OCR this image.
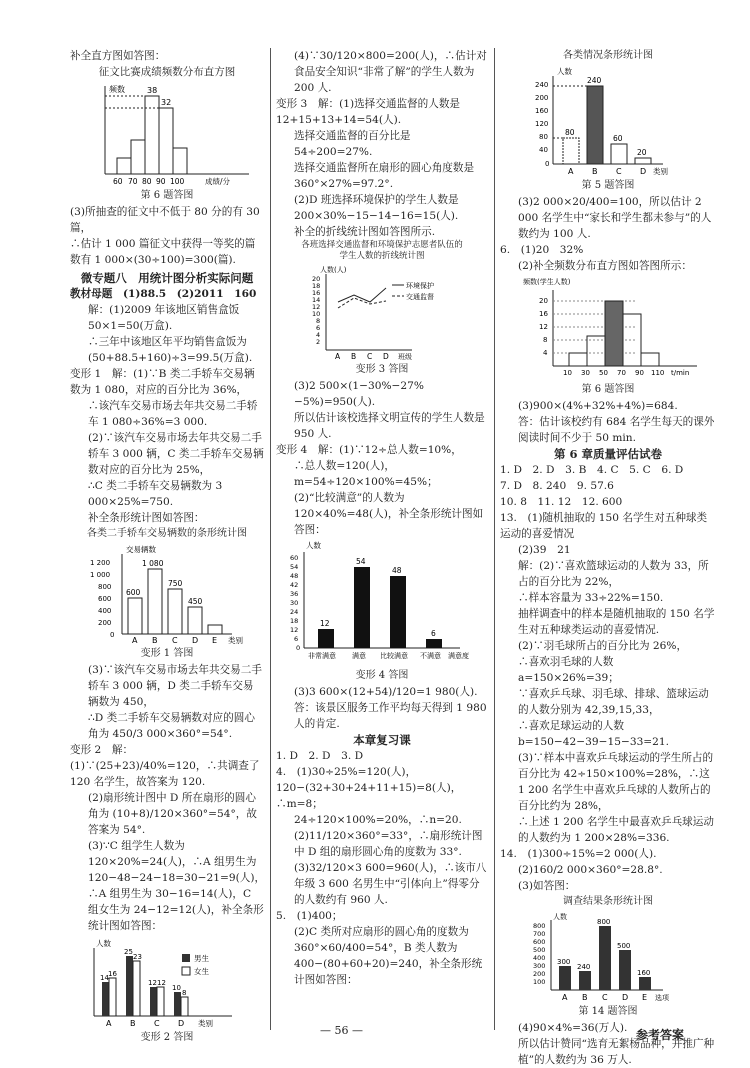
补全直方图如答图：

征文比赛成绩频数分布直方图
频数	38
32
60 70 80 90 100	成绩/分
第 6 题答图

(3)所抽查的征文中不低于 80 分的有 30 篇，

∴估计 1 000 篇征文中获得一等奖的篇数有 1 000×(30÷100)=300(篇).

微专题八　用统计图分析实际问题

教材母题　(1)88.5　(2)2011　160

解：(1)2009 年该地区销售盒饭 50×1=50(万盒).

∴三年中该地区年平均销售盒饭为(50+88.5+160)÷3=99.5(万盒).

变形 1　解：(1)∵B 类二手轿车交易辆数为 1 080，对应的百分比为 36%，

∴该汽车交易市场去年共交易二手轿车 1 080÷36%=3 000.

(2)∵该汽车交易市场去年共交易二手轿车 3 000 辆，C 类二手轿车交易辆数对应的百分比为 25%，

∴C 类二手轿车交易辆数为 3 000×25%=750.

补全条形统计图如答图：

各类二手轿车交易辆数的条形统计图
交易辆数
1 200
1 000
800
600
400
200
0
600
1 080
750
450
A B C D E 类别
变形 1 答图

(3)∵该汽车交易市场去年共交易二手轿车 3 000 辆，D 类二手轿车交易辆数为 450，

∴D 类二手轿车交易辆数对应的圆心角为 450/3 000×360°=54°.

变形 2　解：(1)∵(25+23)/40%=120，∴共调查了 120 名学生，故答案为 120.

(2)扇形统计图中 D 所在扇形的圆心角为 (10+8)/120×360°=54°，故答案为 54°.

(3)∵C 组学生人数为 120×20%=24(人)，∴A 组男生为 120−48−24−18=30−21=9(人)，∴A 组男生为 30−16=14(人)，C 组女生为 24−12=12(人)，补全条形统计图如答图：

人数
男生
女生
14 16
25
23
12 12
10
8
A B C D 类别
变形 2 答图

(4)∵30/120×800=200(人)，∴估计对食品安全知识“非常了解”的学生人数为 200 人.

变形 3　解：(1)选择交通监督的人数是 12+15+13+14=54(人).

选择交通监督的百分比是 54÷200=27%.

选择交通监督所在扇形的圆心角度数是 360°×27%=97.2°.

(2)D 班选择环境保护的学生人数是 200×30%−15−14−16=15(人).

补全的折线统计图如答图所示.

各班选择交通监督和环境保护志愿者队伍的学生人数的折线统计图
人数(人)
20
18
16
14
12
10
8
6
4
2
环境保护
交通监督
A B C D 班级
变形 3 答图

(3)2 500×(1−30%−27%−5%)=950(人).

所以估计该校选择文明宣传的学生人数是 950 人.

变形 4　解：(1)∵12÷总人数=10%，

∴总人数=120(人)，

m=54÷120×100%=45%；

(2)“比较满意”的人数为 120×40%=48(人)，补全条形统计图如答图：

人数
60
54
48
42
36
30
24
18
12
6
0
12
54
48
6
非常满意 满意 比较满意 不满意 满意度
变形 4 答图

(3)3 600×(12+54)/120=1 980(人).

答：该景区服务工作平均每天得到 1 980 人的肯定.

本章复习课

1. D　2. D　3. D

4.　(1)30÷25%=120(人)，120−(32+30+24+11+15)=8(人)，∴m=8；

24÷120×100%=20%，∴n=20.

(2)11/120×360°=33°，∴扇形统计图中 D 组的扇形圆心角的度数为 33°.

(3)32/120×3 600=960(人)，∴该市八年级 3 600 名男生中“引体向上”得零分的人数约有 960 人.

5.　(1)400；

(2)C 类所对应扇形的圆心角的度数为 360°×60/400=54°，B 类人数为 400−(80+60+20)=240，补全条形统计图如答图：

各类情况条形统计图
人数
240
200
160
120
80
40
0
80
240
60
20
A B C D 类别
第 5 题答图

(3)2 000×20/400=100，所以估计 2 000 名学生中“家长和学生都未参与”的人数约为 100 人.

6.　(1)20　32%

(2)补全频数分布直方图如答图所示：

频数(学生人数)
20
16
12
8
4
10 30 50 70 90 110 t/min
第 6 题答图

(3)900×(4%+32%+4%)=684.

答：估计该校约有 684 名学生每天的课外阅读时间不少于 50 min.

第 6 章质量评估试卷

1. D　2. D　3. B　4. C　5. C　6. D

7. D　8. 240　9. 57.6

10. 8　11. 12　12. 600

13.　(1)随机抽取的 150 名学生对五种球类运动的喜爱情况

(2)39　21

解：(2)∵喜欢篮球运动的人数为 33，所占的百分比为 22%，

∴样本容量为 33÷22%=150.

抽样调查中的样本是随机抽取的 150 名学生对五种球类运动的喜爱情况.

(2)∵羽毛球所占的百分比为 26%，

∴喜欢羽毛球的人数 a=150×26%=39；

∵喜欢乒乓球、羽毛球、排球、篮球运动的人数分别为 42,39,15,33，

∴喜欢足球运动的人数 b=150−42−39−15−33=21.

(3)∵样本中喜欢乒乓球运动的学生所占的百分比为 42÷150×100%=28%，∴这 1 200 名学生中喜欢乒乓球的人数所占的百分比约为 28%，

∴上述 1 200 名学生中最喜欢乒乓球运动的人数约为 1 200×28%=336.

14.　(1)300÷15%=2 000(人).

(2)160/2 000×360°=28.8°.

(3)如答图：

调查结果条形统计图
人数
800
700
600
500
400
300
200
100
300
240
800
500
160
A B C D E 选项
第 14 题答图

(4)90×4%=36(万人).

所以估计赞同“选育无絮杨品种，并推广种植”的人数约为 36 万人.

— 56 —	参考答案
